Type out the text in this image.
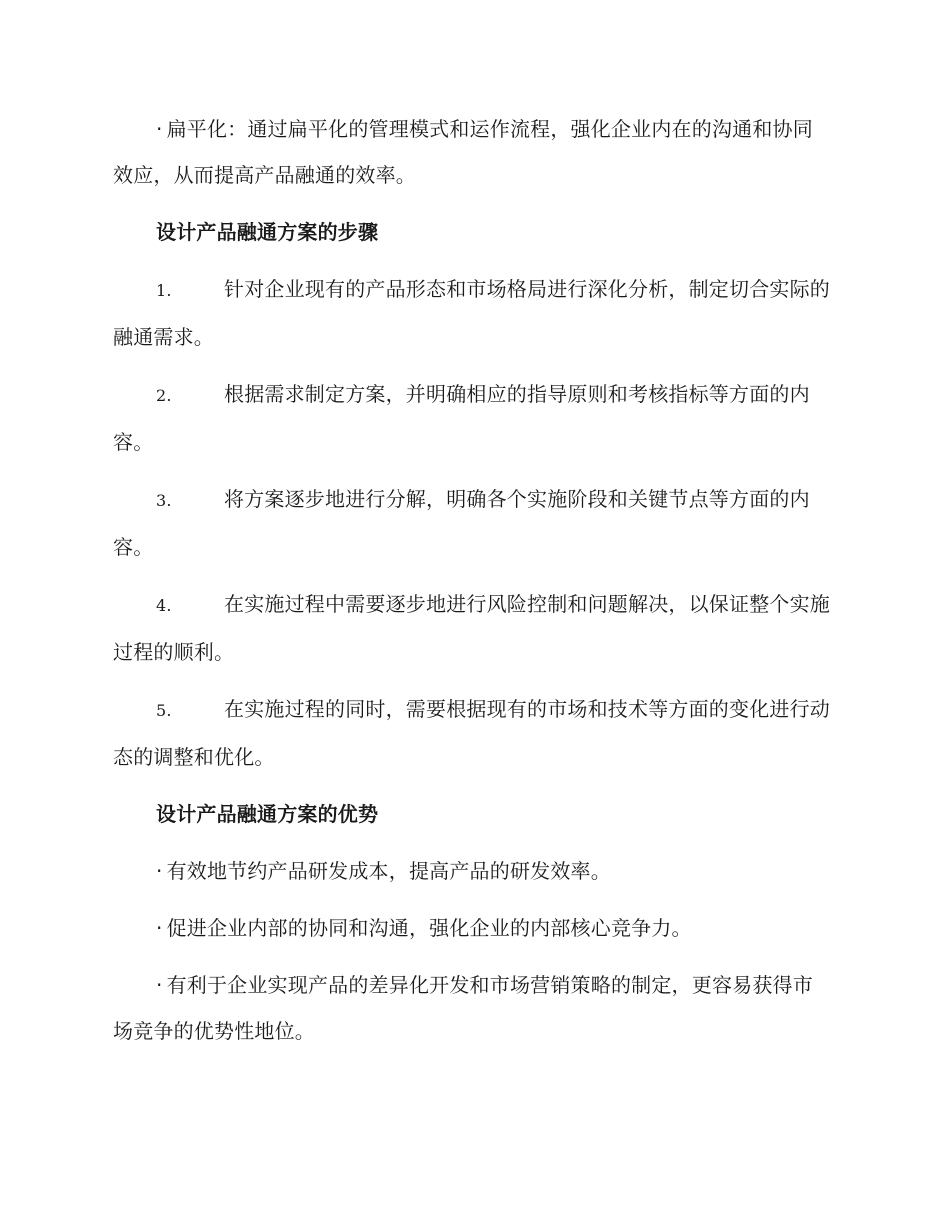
· 扁平化：通过扁平化的管理模式和运作流程，强化企业内在的沟通和协同效应，从而提高产品融通的效率。

设计产品融通方案的步骤

1.	针对企业现有的产品形态和市场格局进行深化分析，制定切合实际的融通需求。

2.	根据需求制定方案，并明确相应的指导原则和考核指标等方面的内容。

3.	将方案逐步地进行分解，明确各个实施阶段和关键节点等方面的内容。

4.	在实施过程中需要逐步地进行风险控制和问题解决，以保证整个实施过程的顺利。

5.	在实施过程的同时，需要根据现有的市场和技术等方面的变化进行动态的调整和优化。

设计产品融通方案的优势

· 有效地节约产品研发成本，提高产品的研发效率。

· 促进企业内部的协同和沟通，强化企业的内部核心竞争力。

· 有利于企业实现产品的差异化开发和市场营销策略的制定，更容易获得市场竞争的优势性地位。
